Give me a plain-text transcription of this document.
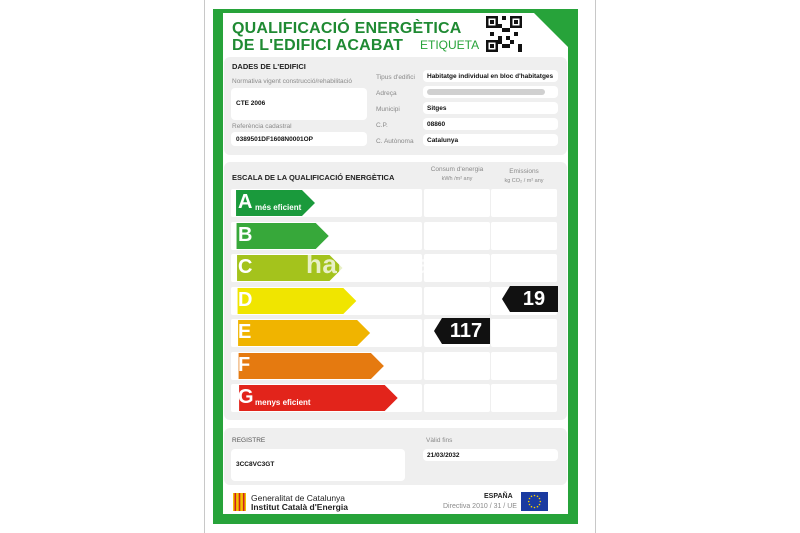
QUALIFICACIÓ ENERGÈTICA
DE L'EDIFICI ACABAT ETIQUETA
DADES DE L'EDIFICI
Normativa vigent construcció/rehabilitació
CTE 2006
Referència cadastral
0389501DF1608N0001OP
Tipus d'edifici Habitatge individual en bloc d'habitatges
Adreça
Municipi	Sitges
C.P.	08860
C. Autònoma Catalunya
ESCALA DE LA QUALIFICACIÓ ENERGÈTICA
Consum d'energia
kWh /m² any
Emissions
kg CO₂ / m² any
A més eficient
B
C
D
E
F
G menys eficient
habitaclia
117
19
REGISTRE
3CC8VC3GT
Vàlid fins
21/03/2032
Generalitat de Catalunya
Institut Català d'Energia
ESPAÑA
Directiva 2010 / 31 / UE
